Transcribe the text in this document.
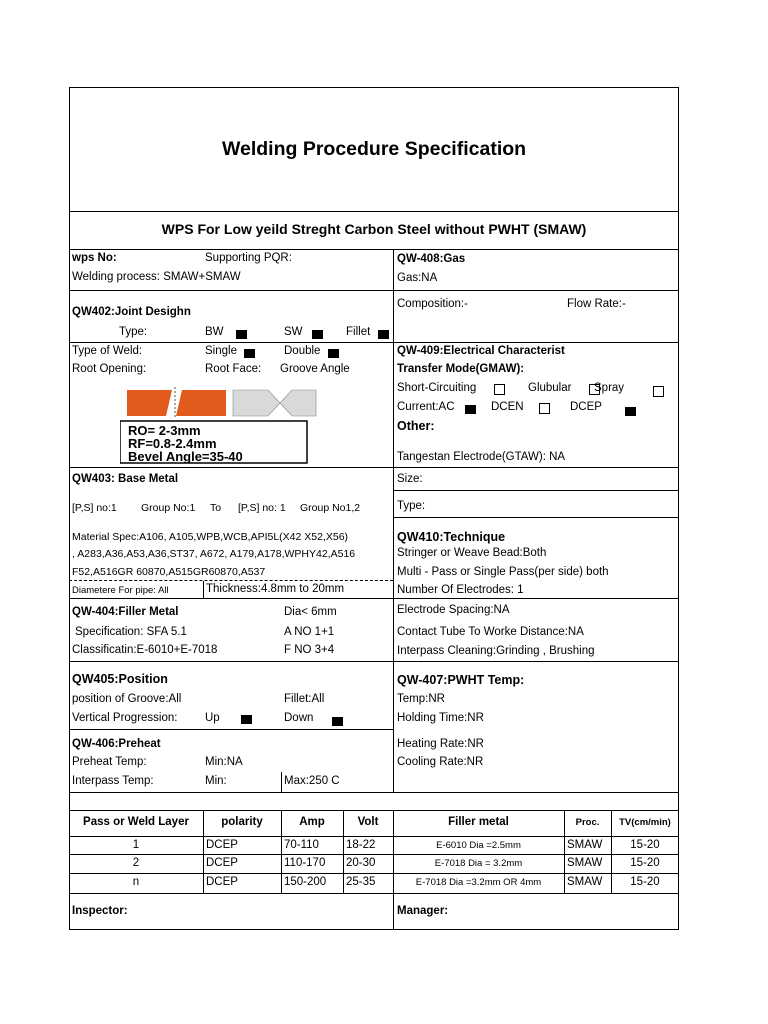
Welding Procedure Specification
WPS For Low yeild Streght Carbon Steel without PWHT (SMAW)
wps No:	Supporting PQR:
Welding process: SMAW+SMAW
QW402:Joint Desighn
Type:	BW	SW	Fillet
Type of Weld:	Single	Double
Root Opening:	Root Face: Groove Angle
RO= 2-3mm
RF=0.8-2.4mm
Bevel Angle=35-40
QW403: Base Metal
[P,S] no:1 Group No:1 To [P,S] no: 1 Group No1,2
Material Spec:A106, A105,WPB,WCB,API5L(X42 X52,X56)
, A283,A36,A53,A36,ST37, A672, A179,A178,WPHY42,A516
F52,A516GR 60870,A515GR60870,A537
Diametere For pipe: All	Thickness:4.8mm to 20mm
QW-404:Filler Metal	Dia< 6mm
Specification: SFA 5.1	A NO 1+1
Classificatin:E-6010+E-7018	F NO 3+4
QW405:Position
position of Groove:All	Fillet:All
Vertical Progression: Up	Down
QW-406:Preheat
Preheat Temp:	Min:NA
Interpass Temp:	Min:	Max:250 C
QW-408:Gas
Gas:NA
Composition:-	Flow Rate:-
QW-409:Electrical Characterist
Transfer Mode(GMAW):
Short-Circuiting	Glubular Spray
Current:AC	DCEN	DCEP
Other:
Tangestan Electrode(GTAW): NA
Size:
Type:
QW410:Technique
Stringer or Weave Bead:Both
Multi - Pass or Single Pass(per side) both
Number Of Electrodes: 1
Electrode Spacing:NA
Contact Tube To Worke Distance:NA
Interpass Cleaning:Grinding , Brushing
QW-407:PWHT Temp:
Temp:NR
Holding Time:NR
Heating Rate:NR
Cooling Rate:NR
Pass or Weld Layer	polarity	Amp	Volt	Filler metal	Proc.	TV(cm/min)
1	DCEP	70-110 18-22	E-6010 Dia =2.5mm	SMAW	15-20
2	DCEP	110-170 20-30	E-7018 Dia = 3.2mm	SMAW	15-20
n	DCEP	150-200 25-35	E-7018 Dia =3.2mm OR 4mm	SMAW	15-20
Inspector:	Manager:
